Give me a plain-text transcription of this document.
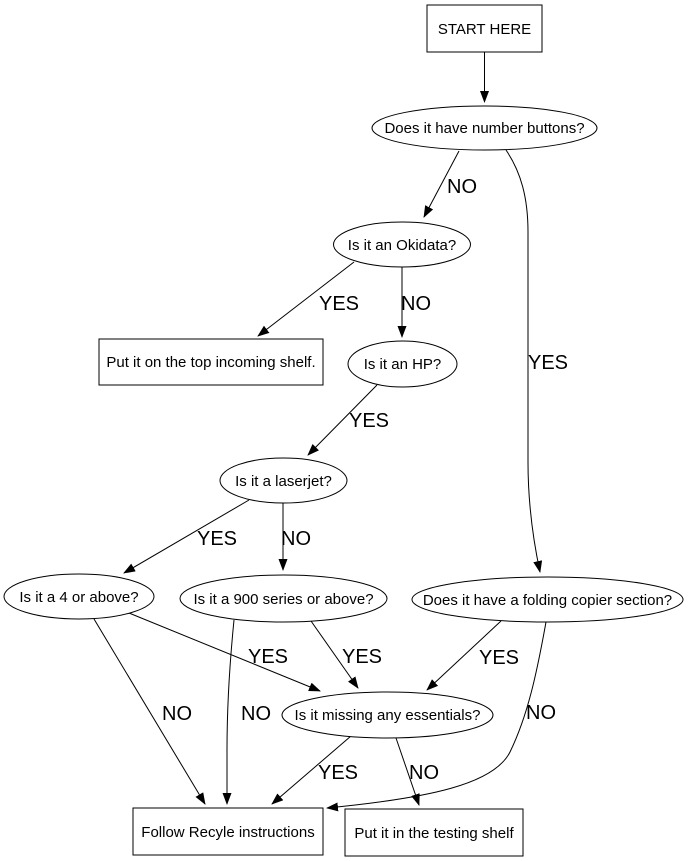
NO
YES
YES NO
YES
YES NO
YES
NO
YES
NO
YES
NO
YES	NO
START HERE
Does it have number buttons?
Is it an Okidata?
Put it on the top incoming shelf.	Is it an HP?
Is it a laserjet?
Is it a 4 or above?	Is it a 900 series or above?	Does it have a folding copier section?
Is it missing any essentials?
Follow Recyle instructions	Put it in the testing shelf
